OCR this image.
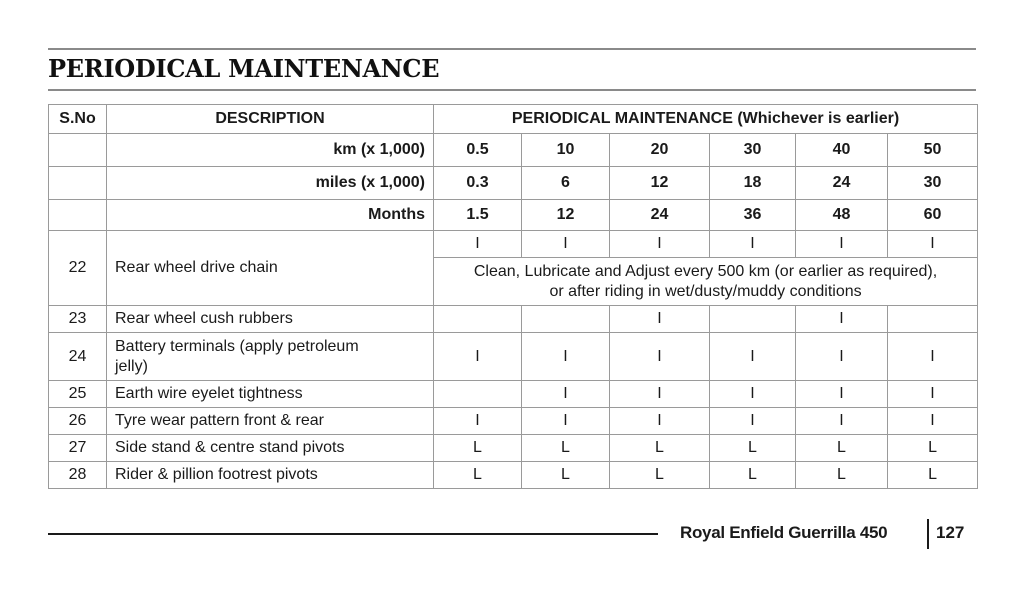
PERIODICAL MAINTENANCE
S.No	DESCRIPTION	PERIODICAL MAINTENANCE (Whichever is earlier)					
	km (x 1,000)	0.5	10	20	30	40	50
	miles (x 1,000)	0.3	6	12	18	24	30
	Months	1.5	12	24	36	48	60
22	Rear wheel drive chain	I	I	I	I	I	I

		Clean, Lubricate and Adjust every 500 km (or earlier as required),
or after riding in wet/dusty/muddy conditions					

23	Rear wheel cush rubbers			I		I	
24	Battery terminals (apply petroleum jelly)	I	I	I	I	I	I
25	Earth wire eyelet tightness		I	I	I	I	I
26	Tyre wear pattern front & rear	I	I	I	I	I	I
27	Side stand & centre stand pivots	L	L	L	L	L	L
28	Rider & pillion footrest pivots	L	L	L	L	L	L
Royal Enfield Guerrilla 450	127
